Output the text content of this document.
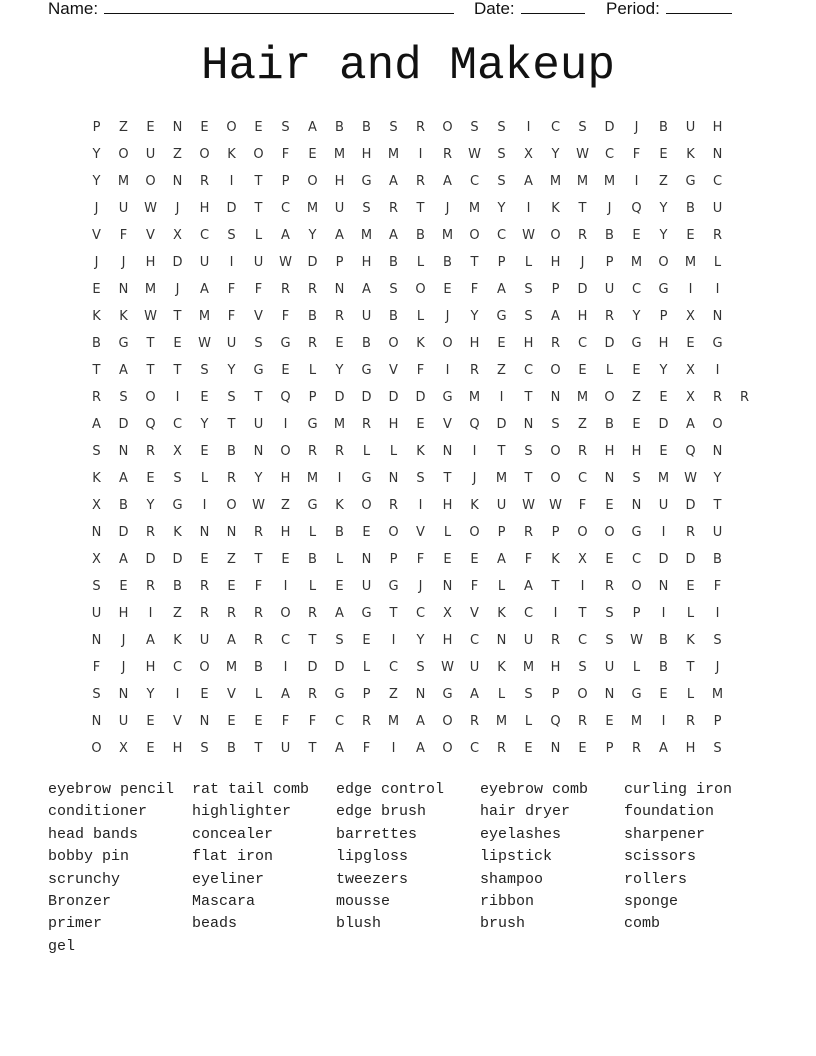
Name:	Date:	Period:
Hair and Makeup
P	Z	E	N	E	O	E	S	A	B	B	S	R	O	S	S	I	C	S	D	J	B	U	H
Y	O	U	Z	O	K	O	F	E	M	H	M	I	R	W	S	X	Y	W	C	F	E	K	N
Y	M	O	N	R	I	T	P	O	H	G	A	R	A	C	S	A	M	M	M	I	Z	G	C
J	U	W	J	H	D	T	C	M	U	S	R	T	J	M	Y	I	K	T	J	Q	Y	B	U
V	F	V	X	C	S	L	A	Y	A	M	A	B	M	O	C	W	O	R	B	E	Y	E	R
J	J	H	D	U	I	U	W	D	P	H	B	L	B	T	P	L	H	J	P	M	O	M	L
E	N	M	J	A	F	F	R	R	N	A	S	O	E	F	A	S	P	D	U	C	G	I	I
K	K	W	T	M	F	V	F	B	R	U	B	L	J	Y	G	S	A	H	R	Y	P	X	N
B	G	T	E	W	U	S	G	R	E	B	O	K	O	H	E	H	R	C	D	G	H	E	G
T	A	T	T	S	Y	G	E	L	Y	G	V	F	I	R	Z	C	O	E	L	E	Y	X	I
R	S	O	I	E	S	T	Q	P	D	D	D	D	G	M	I	T	N	M	O	Z	E	X	R	R
A	D	Q	C	Y	T	U	I	G	M	R	H	E	V	Q	D	N	S	Z	B	E	D	A	O
S	N	R	X	E	B	N	O	R	R	L	L	K	N	I	T	S	O	R	H	H	E	Q	N
K	A	E	S	L	R	Y	H	M	I	G	N	S	T	J	M	T	O	C	N	S	M	W	Y
X	B	Y	G	I	O	W	Z	G	K	O	R	I	H	K	U	W	W	F	E	N	U	D	T
N	D	R	K	N	N	R	H	L	B	E	O	V	L	O	P	R	P	O	O	G	I	R	U
X	A	D	D	E	Z	T	E	B	L	N	P	F	E	E	A	F	K	X	E	C	D	D	B
S	E	R	B	R	E	F	I	L	E	U	G	J	N	F	L	A	T	I	R	O	N	E	F
U	H	I	Z	R	R	R	O	R	A	G	T	C	X	V	K	C	I	T	S	P	I	L	I
N	J	A	K	U	A	R	C	T	S	E	I	Y	H	C	N	U	R	C	S	W	B	K	S
F	J	H	C	O	M	B	I	D	D	L	C	S	W	U	K	M	H	S	U	L	B	T	J
S	N	Y	I	E	V	L	A	R	G	P	Z	N	G	A	L	S	P	O	N	G	E	L	M
N	U	E	V	N	E	E	F	F	C	R	M	A	O	R	M	L	Q	R	E	M	I	R	P
O	X	E	H	S	B	T	U	T	A	F	I	A	O	C	R	E	N	E	P	R	A	H	S
eyebrow pencil	rat tail comb	edge control	eyebrow comb	curling iron
conditioner	highlighter	edge brush	hair dryer	foundation
head bands	concealer	barrettes	eyelashes	sharpener
bobby pin	flat iron	lipgloss	lipstick	scissors
scrunchy	eyeliner	tweezers	shampoo	rollers
Bronzer	Mascara	mousse	ribbon	sponge
primer	beads	blush	brush	comb
gel
